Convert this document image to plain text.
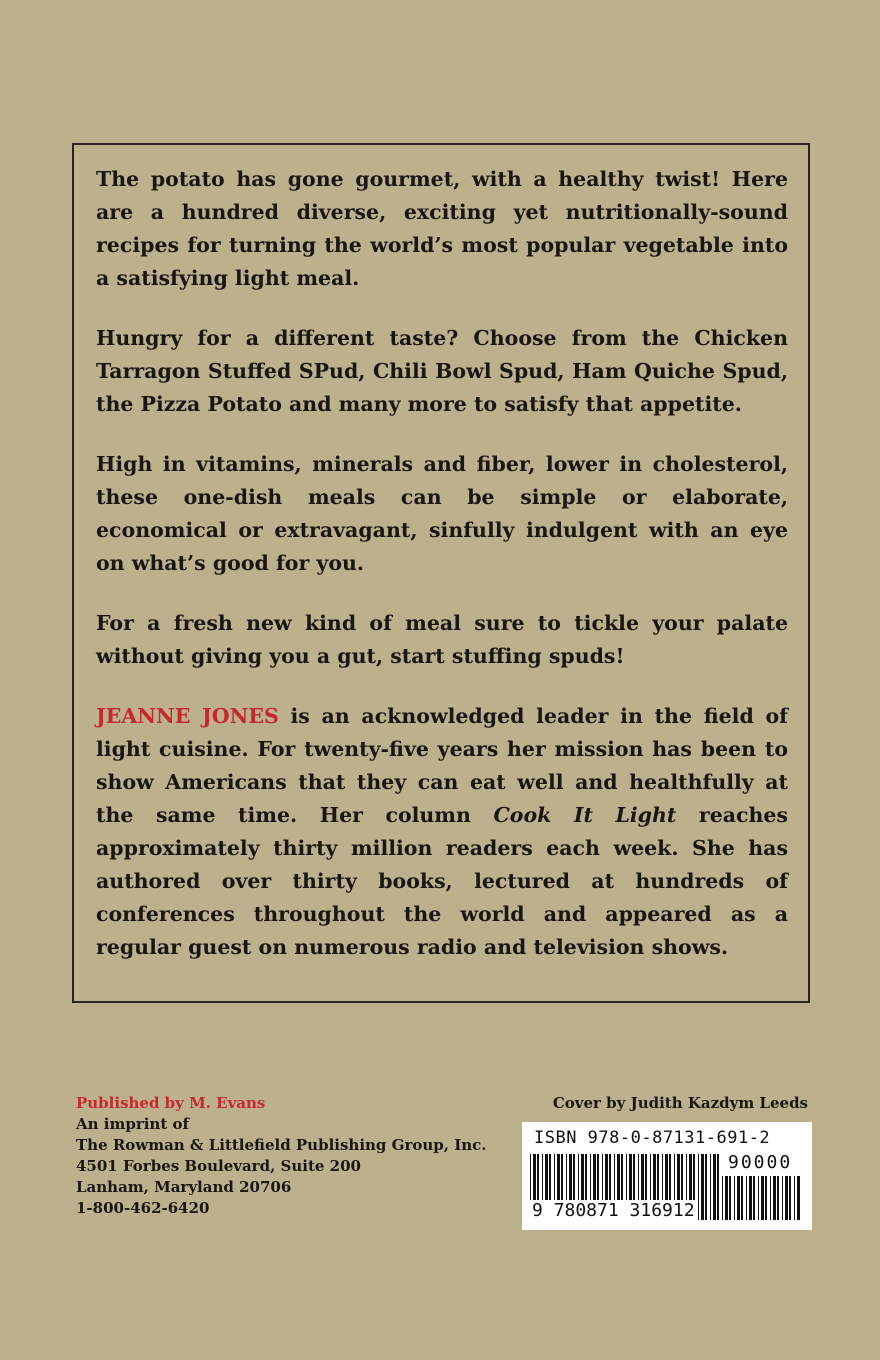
The potato has gone gourmet, with a healthy twist! Here are a hundred diverse, exciting yet nutritionally-sound recipes for turning the world’s most popular vegetable into a satisfying light meal.

Hungry for a different taste? Choose from the Chicken Tarragon Stuffed SPud, Chili Bowl Spud, Ham Quiche Spud, the Pizza Potato and many more to satisfy that appetite.

High in vitamins, minerals and fiber, lower in cholesterol, these one-dish meals can be simple or elaborate, economical or extravagant, sinfully indulgent with an eye on what’s good for you.

For a fresh new kind of meal sure to tickle your palate without giving you a gut, start stuffing spuds!

JEANNE JONES is an acknowledged leader in the field of light cuisine. For twenty-five years her mission has been to show Americans that they can eat well and healthfully at the same time. Her column Cook It Light reaches approximately thirty million readers each week. She has authored over thirty books, lectured at hundreds of conferences throughout the world and appeared as a regular guest on numerous radio and television shows.

Published by M. Evans
An imprint of
The Rowman & Littlefield Publishing Group, Inc.
4501 Forbes Boulevard, Suite 200
Lanham, Maryland 20706
1-800-462-6420
Cover by Judith Kazdym Leeds
ISBN 978-0-87131-691-2
90000
9 780871 316912
